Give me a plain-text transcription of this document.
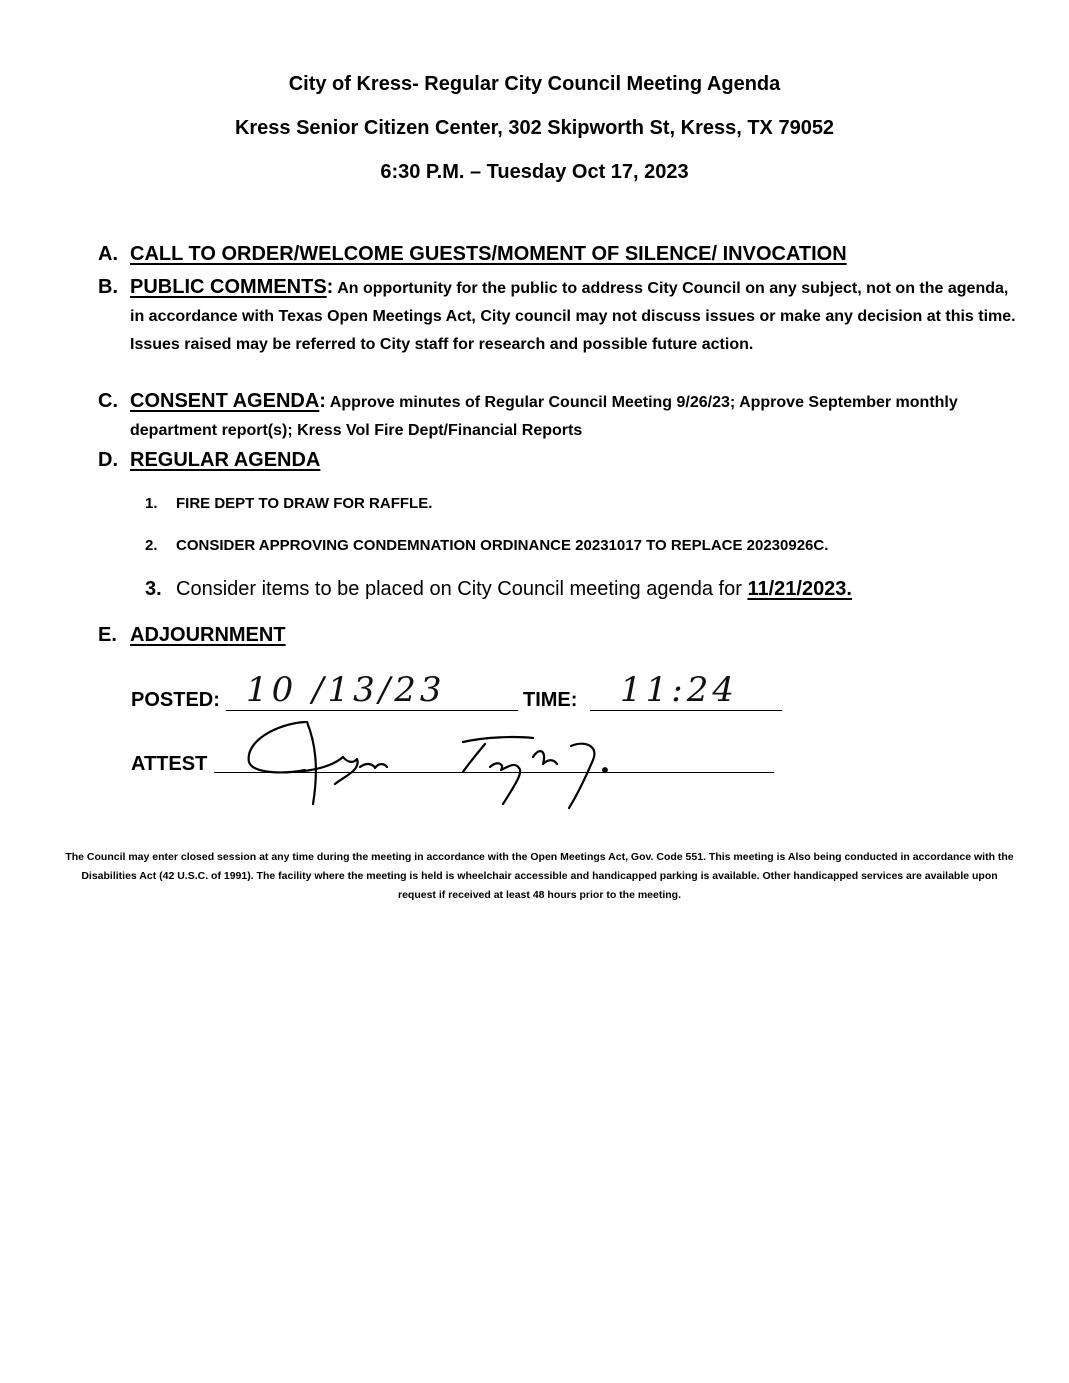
City of Kress- Regular City Council Meeting Agenda
Kress Senior Citizen Center, 302 Skipworth St, Kress, TX 79052
6:30 P.M. – Tuesday Oct 17, 2023
A. CALL TO ORDER/WELCOME GUESTS/MOMENT OF SILENCE/ INVOCATION
B. PUBLIC COMMENTS: An opportunity for the public to address City Council on any subject, not on the agenda, in accordance with Texas Open Meetings Act, City council may not discuss issues or make any decision at this time. Issues raised may be referred to City staff for research and possible future action.
C. CONSENT AGENDA: Approve minutes of Regular Council Meeting 9/26/23; Approve September monthly department report(s); Kress Vol Fire Dept/Financial Reports
D. REGULAR AGENDA
1. FIRE DEPT TO DRAW FOR RAFFLE.
2. CONSIDER APPROVING CONDEMNATION ORDINANCE 20231017 TO REPLACE 20230926C.
3. Consider items to be placed on City Council meeting agenda for 11/21/2023.
E. ADJOURNMENT
POSTED: 10 /13/23	TIME: 11:24
ATTEST
The Council may enter closed session at any time during the meeting in accordance with the Open Meetings Act, Gov. Code 551. This meeting is Also being conducted in accordance with the Disabilities Act (42 U.S.C. of 1991). The facility where the meeting is held is wheelchair accessible and handicapped parking is available. Other handicapped services are available upon request if received at least 48 hours prior to the meeting.
